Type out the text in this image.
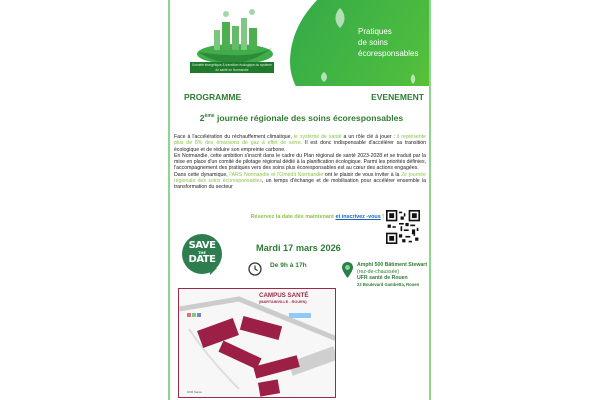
Pratiques
de soins
écoresponsables
Sobriété énergétique & transition écologique du système de santé en Normandie
PROGRAMME	EVENEMENT
2ème journée régionale des soins écoresponsables
Face à l'accélération du réchauffement climatique, le système de santé a un rôle clé à jouer : il représente plus de 8% des émissions de gaz à effet de serre. Il est donc indispensable d'accélérer sa transition écologique et de réduire son empreinte carbone.
En Normandie, cette ambition s'inscrit dans le cadre du Plan régional de santé 2023-2028 et se traduit par la mise en place d'un comité de pilotage régional dédié à la planification écologique. Parmi les priorités définies, l'accompagnement des pratiques vers des soins plus écoresponsables est au cœur des actions engagées.
Dans cette dynamique, l'ARS Normandie et l'Omédit Normandie ont le plaisir de vous inviter à la 2e journée régionale des soins écoresponsables, un temps d'échange et de mobilisation pour accélérer ensemble la transformation du secteur
Réservez la date dès maintenant et inscrivez -vous !
SAVE
THE
DATE
Mardi 17 mars 2026
De 9h à 17h	Amphi 500 Bâtiment Stewart
(rez-de-chaussée)
UFR santé de Rouen
22 Boulevard Gambetta, Rouen
CAMPUS SANTÉ
(MARTAINVILLE - ROUEN)
UFR Santé
